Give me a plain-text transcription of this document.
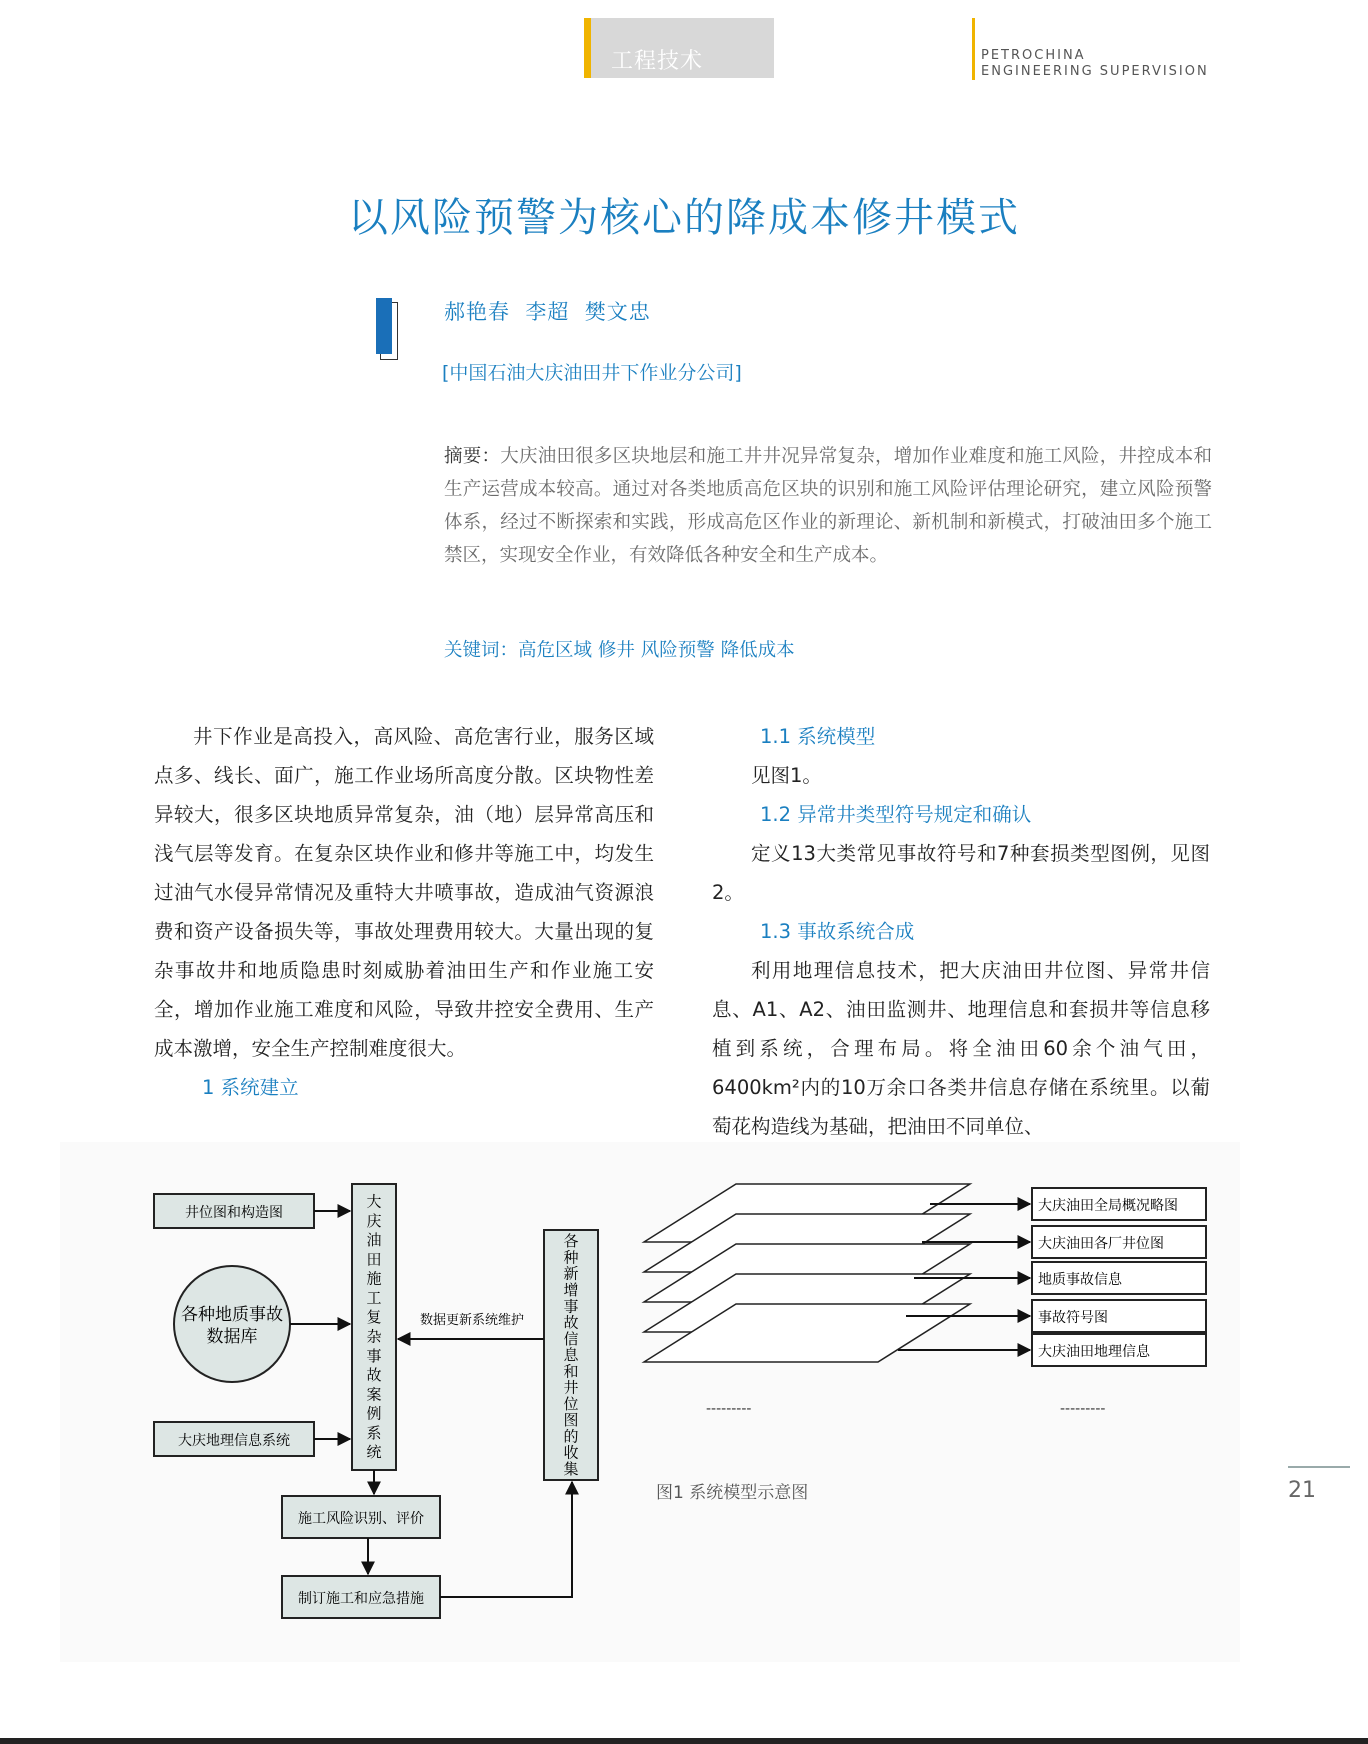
工程技术	PETROCHINA
ENGINEERING SUPERVISION
以风险预警为核心的降成本修井模式
郝艳春  李超  樊文忠
[中国石油大庆油田井下作业分公司]
摘要：大庆油田很多区块地层和施工井井况异常复杂，增加作业难度和施工风险，井控成本和生产运营成本较高。通过对各类地质高危区块的识别和施工风险评估理论研究，建立风险预警体系，经过不断探索和实践，形成高危区作业的新理论、新机制和新模式，打破油田多个施工禁区，实现安全作业，有效降低各种安全和生产成本。
关键词：高危区域 修井 风险预警 降低成本

井下作业是高投入，高风险、高危害行业，服务区域点多、线长、面广，施工作业场所高度分散。区块物性差异较大，很多区块地质异常复杂，油（地）层异常高压和浅气层等发育。在复杂区块作业和修井等施工中，均发生过油气水侵异常情况及重特大井喷事故，造成油气资源浪费和资产设备损失等，事故处理费用较大。大量出现的复杂事故井和地质隐患时刻威胁着油田生产和作业施工安全，增加作业施工难度和风险，导致井控安全费用、生产成本激增，安全生产控制难度很大。

1 系统建立

1.1 系统模型

见图1。

1.2 异常井类型符号规定和确认

定义13大类常见事故符号和7种套损类型图例，见图2。

1.3 事故系统合成

利用地理信息技术，把大庆油田井位图、异常井信息、A1、A2、油田监测井、地理信息和套损井等信息移植到系统，合理布局。将全油田60余个油气田，6400km²内的10万余口各类井信息存储在系统里。以葡萄花构造线为基础，把油田不同单位、

井位图和构造图
各种地质事故
数据库
大庆地理信息系统
大庆油田施工复杂事故案例系统
施工风险识别、评价
制订施工和应急措施
各种新增事故信息和井位图的收集
数据更新系统维护
大庆油田全局概况略图
大庆油田各厂井位图
地质事故信息
事故符号图
大庆油田地理信息
---------	---------
图1 系统模型示意图	21
